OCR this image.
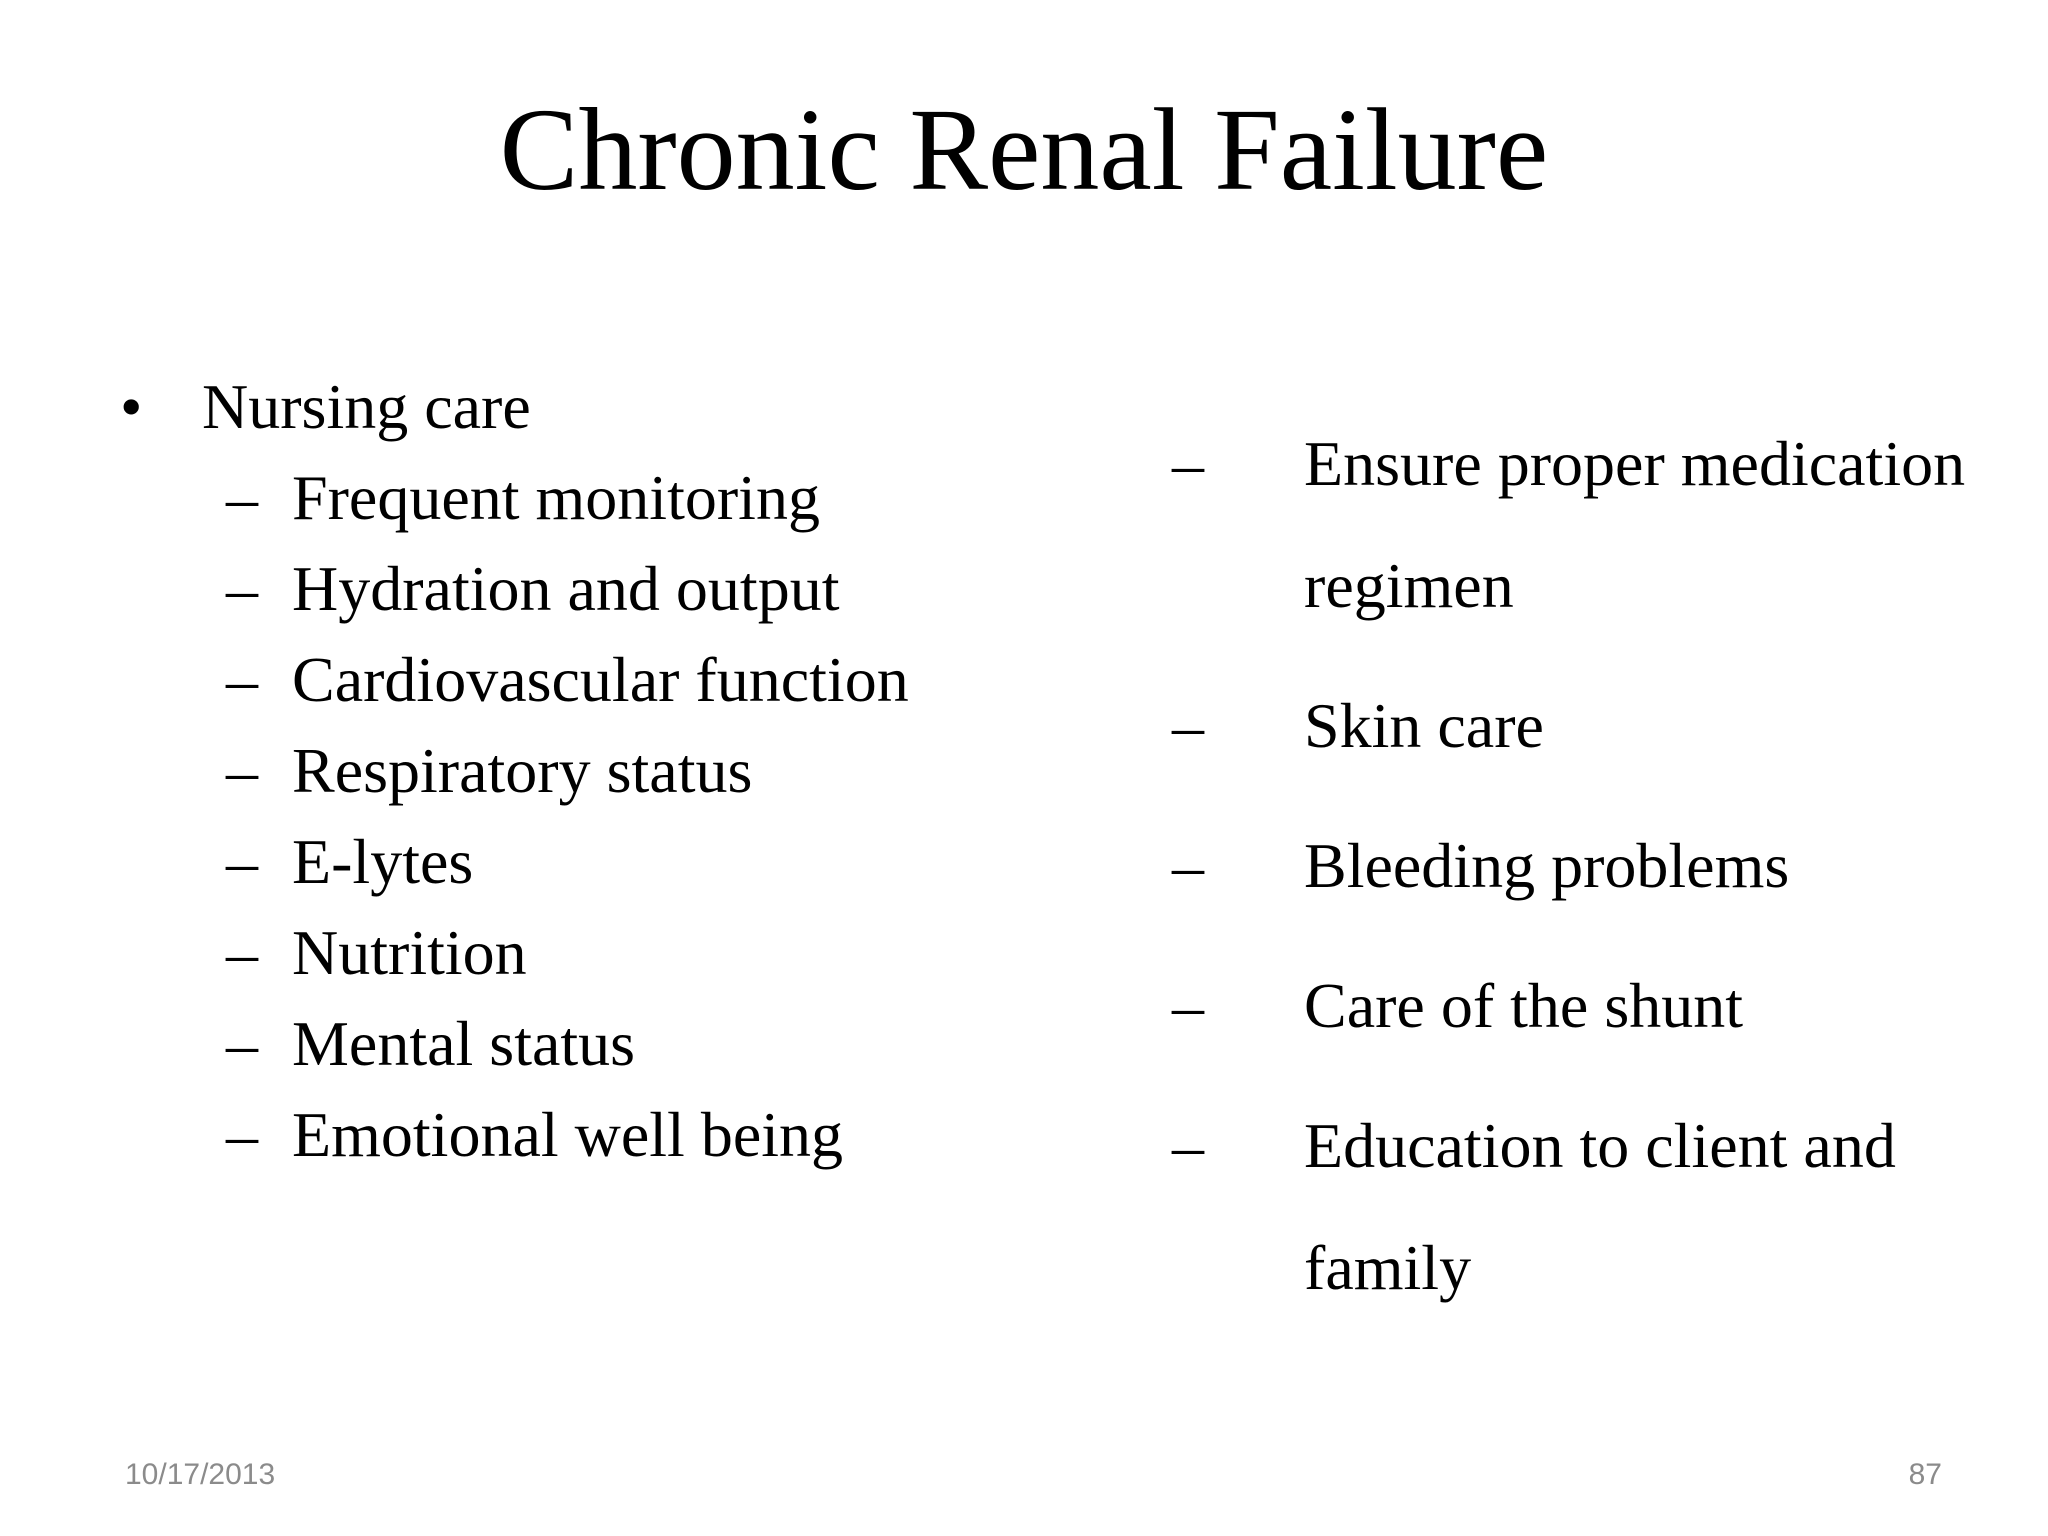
Chronic Renal Failure
• Nursing care
– Frequent monitoring
– Hydration and output
– Cardiovascular function
– Respiratory status
– E-lytes
– Nutrition
– Mental status
– Emotional well being
– Ensure proper medication regimen
– Skin care
– Bleeding problems
– Care of the shunt
– Education to client and family
10/17/2013	87
